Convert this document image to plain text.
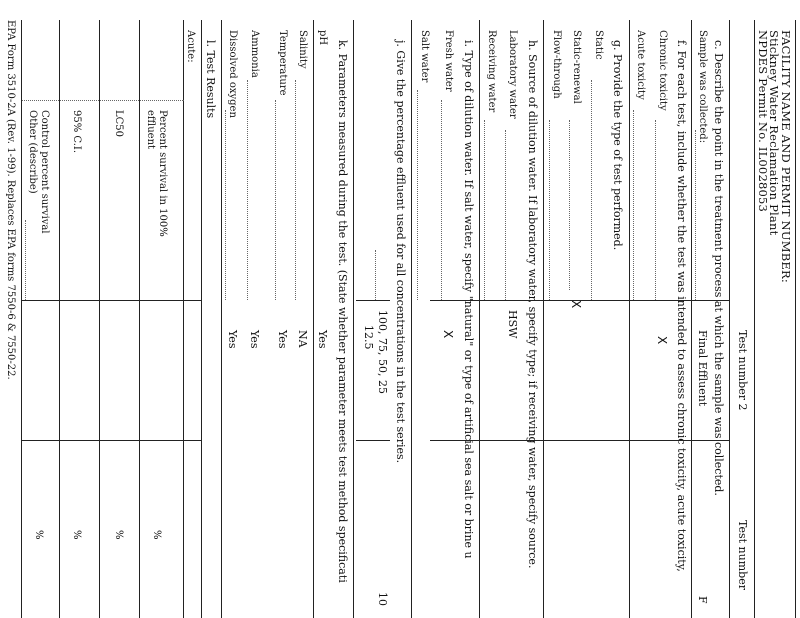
FACILITY NAME AND PERMIT NUMBER:
Stickney Water Reclamation Plant
NPDES Permit No. IL0028053
Test number 2
Test number
c. Describe the point in the treatment process at which the sample was collected.
Sample was collected:
Final Effluent
F
f. For each test, include whether the test was intended to assess chronic toxicity, acute toxicity,
Chronic toxicity
X
Acute toxicity
g. Provide the type of test performed.
Static
Static-renewal
X
Flow-through
h. Source of dilution water. If laboratory water, specify type; if receiving water, specify source.
Laboratory water
HSW
Receiving water
i. Type of dilution water. If salt water, specify "natural" or type of artificial sea salt or brine u
Fresh water
X
Salt water
j. Give the percentage effluent used for all concentrations in the test series.
100, 75, 50, 25
12.5
10
k. Parameters measured during the test. (State whether parameter meets test method specificati
pH
Yes
Salinity
NA
Temperature
Yes
Ammonia
Yes
Dissolved oxygen
Yes
l. Test Results
Acute:
Percent survival in 100%
effluent
%
LC50
%
95% C.I.
%
Control percent survival
Other (describe)
%
EPA Form 3510-2A (Rev. 1-99). Replaces EPA forms 7550-6 & 7550-22.
